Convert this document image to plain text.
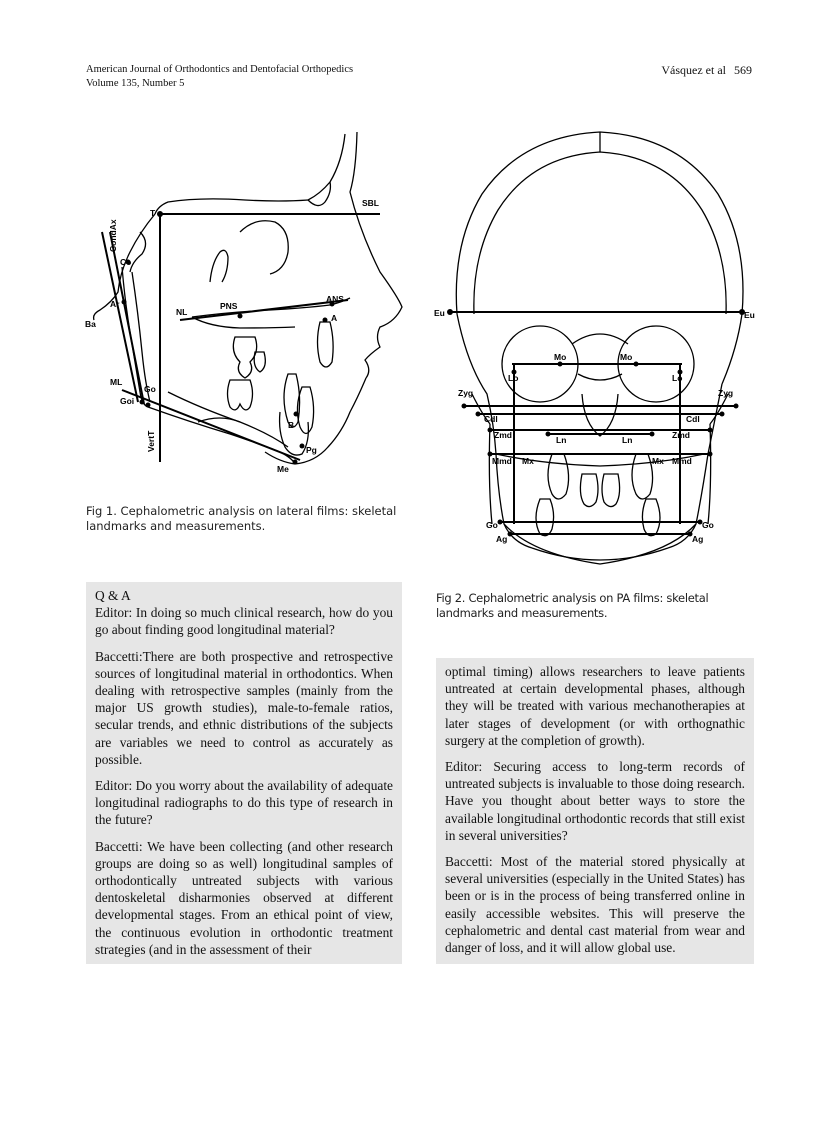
American Journal of Orthodontics and Dentofacial Orthopedics
Volume 135, Number 5
Vásquez et al 569
SBL
T
CondAx
Co
Ar
Ba
NL
PNS
ANS
A
ML
Go
Goi
VertT
B
Pg
Me
Fig 1. Cephalometric analysis on lateral films: skeletal landmarks and measurements.
Eu	Eu
Mo	Mo
Lo	Lo
Zyg	Zyg
Cdl	Cdl
Zmd	Zmd
Ln	Ln
Mmd	Mmd
Mx	Mx
Go	Go
Ag	Ag
Fig 2. Cephalometric analysis on PA films: skeletal landmarks and measurements.
Q & A

Editor: In doing so much clinical research, how do you go about finding good longitudinal material?

Baccetti:There are both prospective and retrospective sources of longitudinal material in orthodontics. When dealing with retrospective samples (mainly from the major US growth studies), male-to-female ratios, secular trends, and ethnic distributions of the subjects are variables we need to control as accurately as possible.

Editor: Do you worry about the availability of adequate longitudinal radiographs to do this type of research in the future?

Baccetti: We have been collecting (and other research groups are doing so as well) longitudinal samples of orthodontically untreated subjects with various dentoskeletal disharmonies observed at different developmental stages. From an ethical point of view, the continuous evolution in orthodontic treatment strategies (and in the assessment of their

optimal timing) allows researchers to leave patients untreated at certain developmental phases, although they will be treated with various mechanotherapies at later stages of development (or with orthognathic surgery at the completion of growth).

Editor: Securing access to long-term records of untreated subjects is invaluable to those doing research. Have you thought about better ways to store the available longitudinal orthodontic records that still exist in several universities?

Baccetti: Most of the material stored physically at several universities (especially in the United States) has been or is in the process of being transferred online in easily accessible websites. This will preserve the cephalometric and dental cast material from wear and danger of loss, and it will allow global use.
